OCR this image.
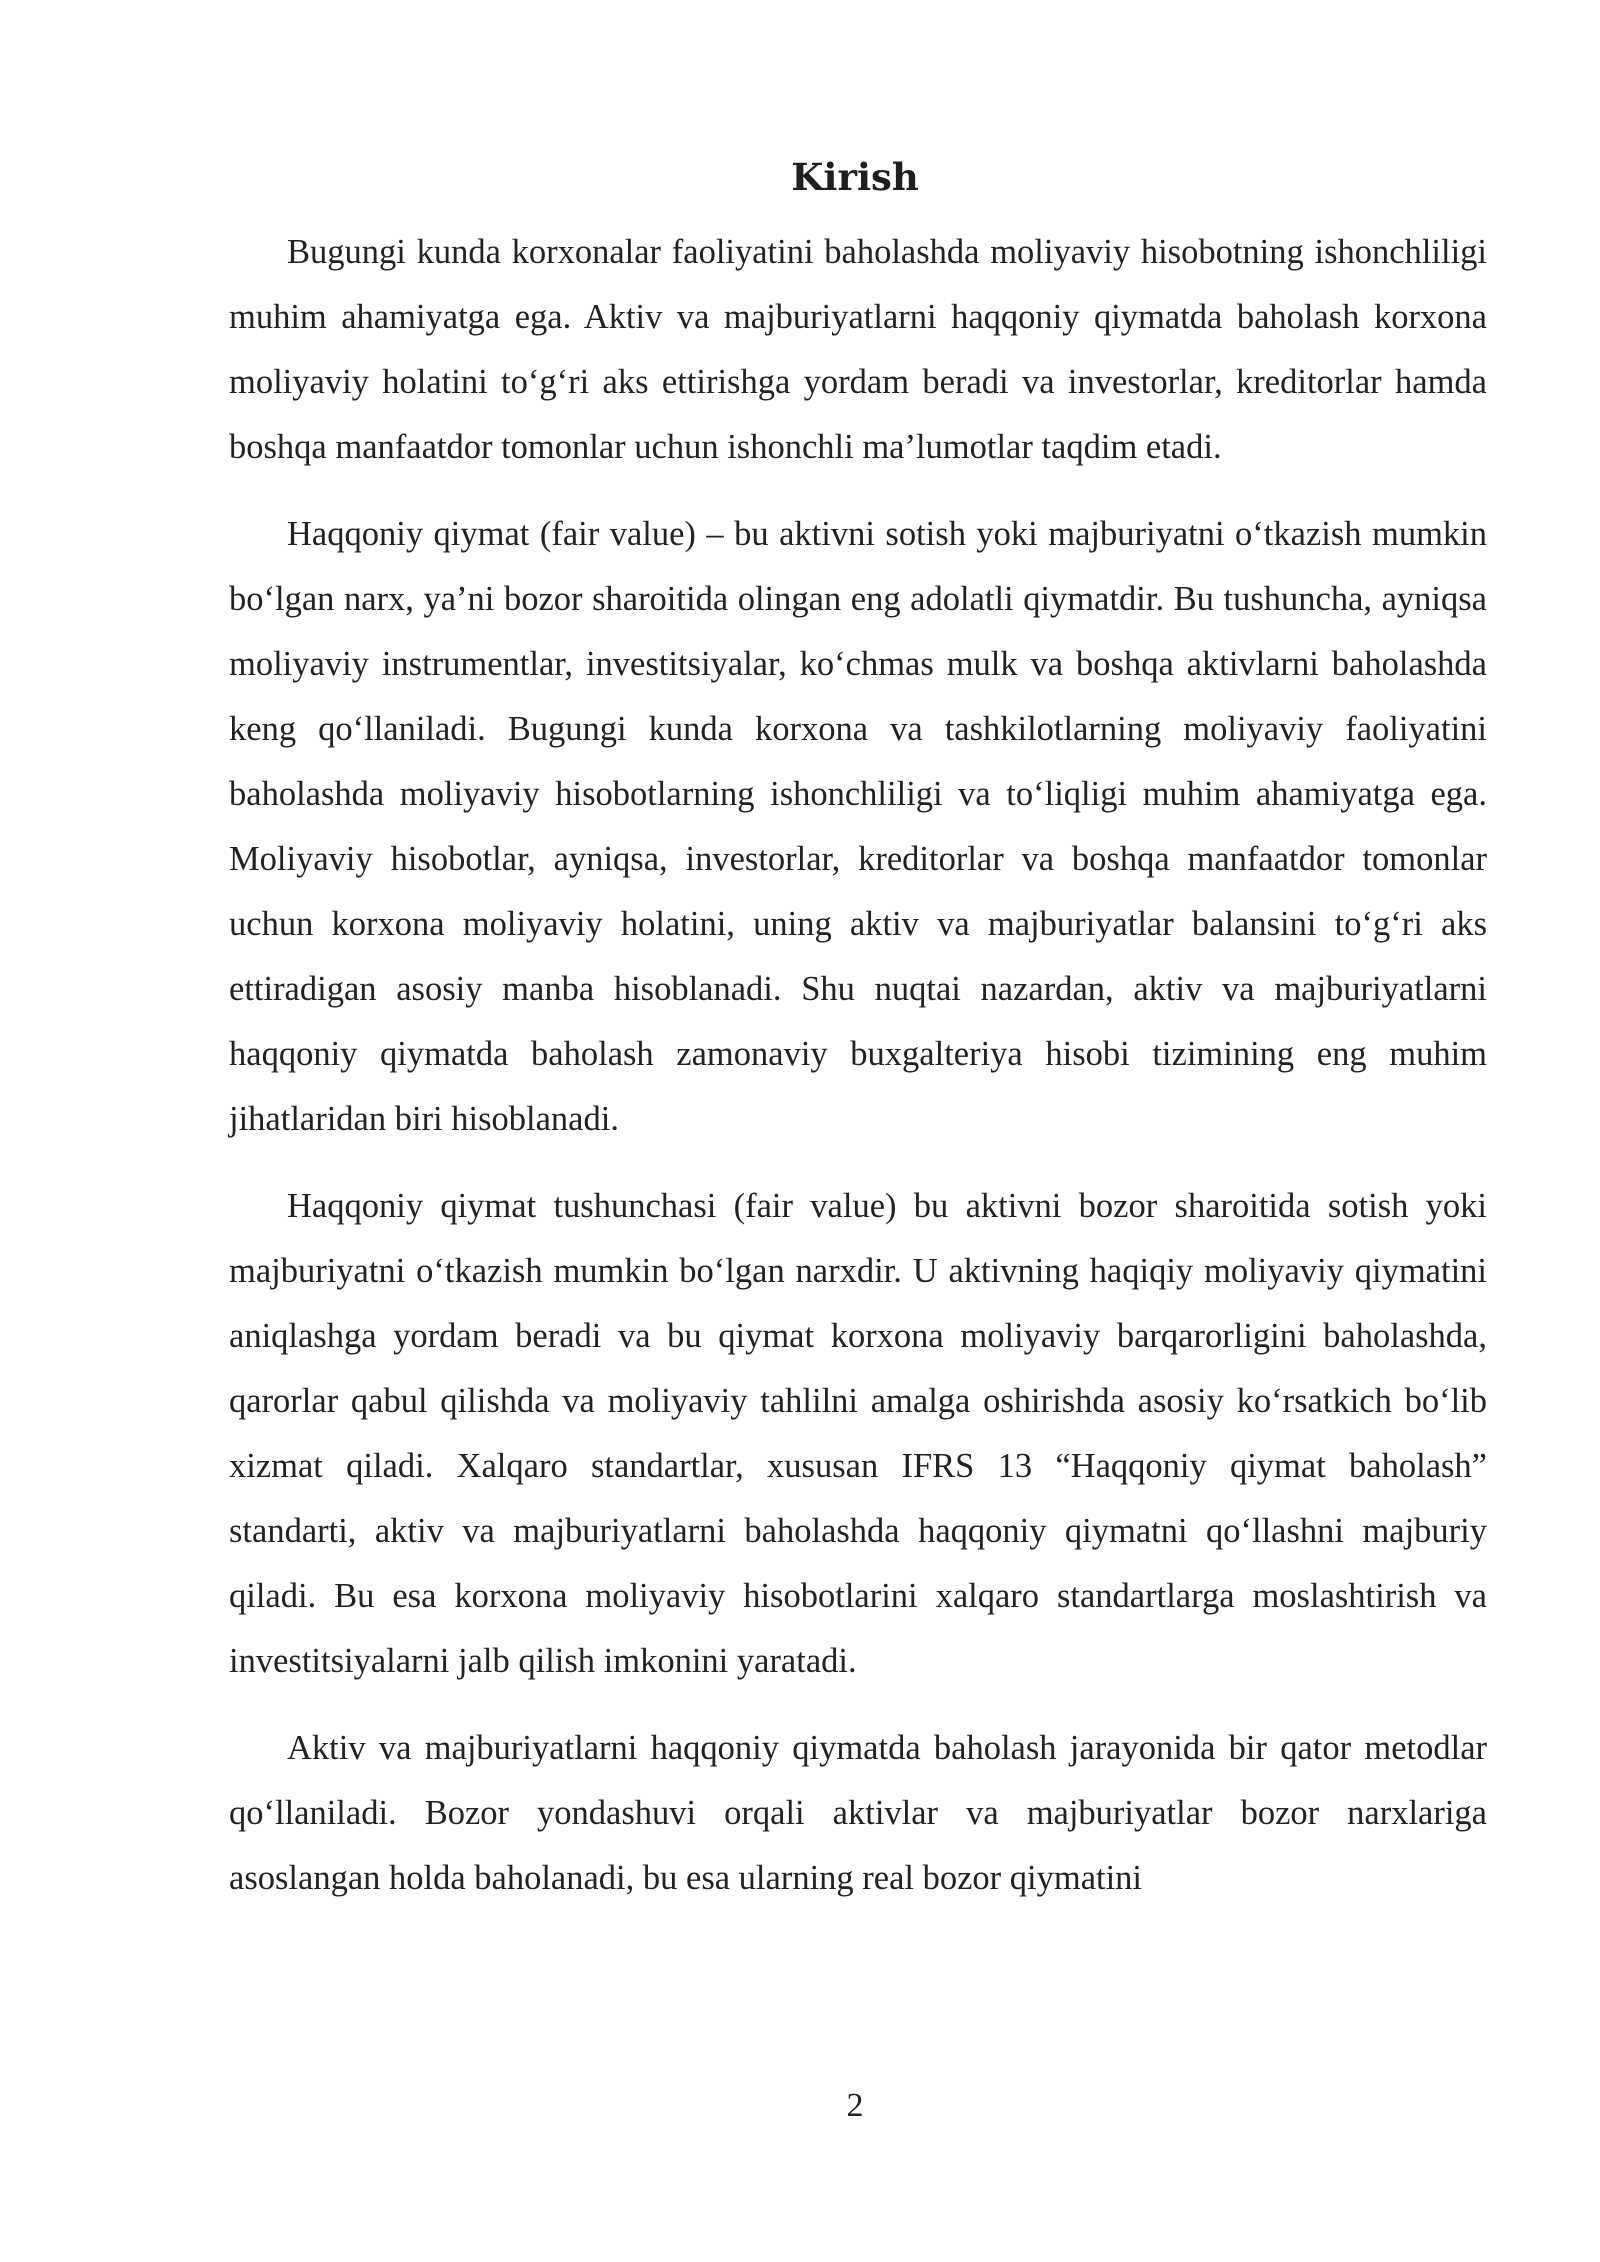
Kirish

Bugungi kunda korxonalar faoliyatini baholashda moliyaviy hisobotning ishonchliligi muhim ahamiyatga ega. Aktiv va majburiyatlarni haqqoniy qiymatda baholash korxona moliyaviy holatini to‘g‘ri aks ettirishga yordam beradi va investorlar, kreditorlar hamda boshqa manfaatdor tomonlar uchun ishonchli ma’lumotlar taqdim etadi.

Haqqoniy qiymat (fair value) – bu aktivni sotish yoki majburiyatni o‘tkazish mumkin bo‘lgan narx, ya’ni bozor sharoitida olingan eng adolatli qiymatdir. Bu tushuncha, ayniqsa moliyaviy instrumentlar, investitsiyalar, ko‘chmas mulk va boshqa aktivlarni baholashda keng qo‘llaniladi. Bugungi kunda korxona va tashkilotlarning moliyaviy faoliyatini baholashda moliyaviy hisobotlarning ishonchliligi va to‘liqligi muhim ahamiyatga ega. Moliyaviy hisobotlar, ayniqsa, investorlar, kreditorlar va boshqa manfaatdor tomonlar uchun korxona moliyaviy holatini, uning aktiv va majburiyatlar balansini to‘g‘ri aks ettiradigan asosiy manba hisoblanadi. Shu nuqtai nazardan, aktiv va majburiyatlarni haqqoniy qiymatda baholash zamonaviy buxgalteriya hisobi tizimining eng muhim jihatlaridan biri hisoblanadi.

Haqqoniy qiymat tushunchasi (fair value) bu aktivni bozor sharoitida sotish yoki majburiyatni o‘tkazish mumkin bo‘lgan narxdir. U aktivning haqiqiy moliyaviy qiymatini aniqlashga yordam beradi va bu qiymat korxona moliyaviy barqarorligini baholashda, qarorlar qabul qilishda va moliyaviy tahlilni amalga oshirishda asosiy ko‘rsatkich bo‘lib xizmat qiladi. Xalqaro standartlar, xususan IFRS 13 “Haqqoniy qiymat baholash” standarti, aktiv va majburiyatlarni baholashda haqqoniy qiymatni qo‘llashni majburiy qiladi. Bu esa korxona moliyaviy hisobotlarini xalqaro standartlarga moslashtirish va investitsiyalarni jalb qilish imkonini yaratadi.

Aktiv va majburiyatlarni haqqoniy qiymatda baholash jarayonida bir qator metodlar qo‘llaniladi. Bozor yondashuvi orqali aktivlar va majburiyatlar bozor narxlariga asoslangan holda baholanadi, bu esa ularning real bozor qiymatini

2
